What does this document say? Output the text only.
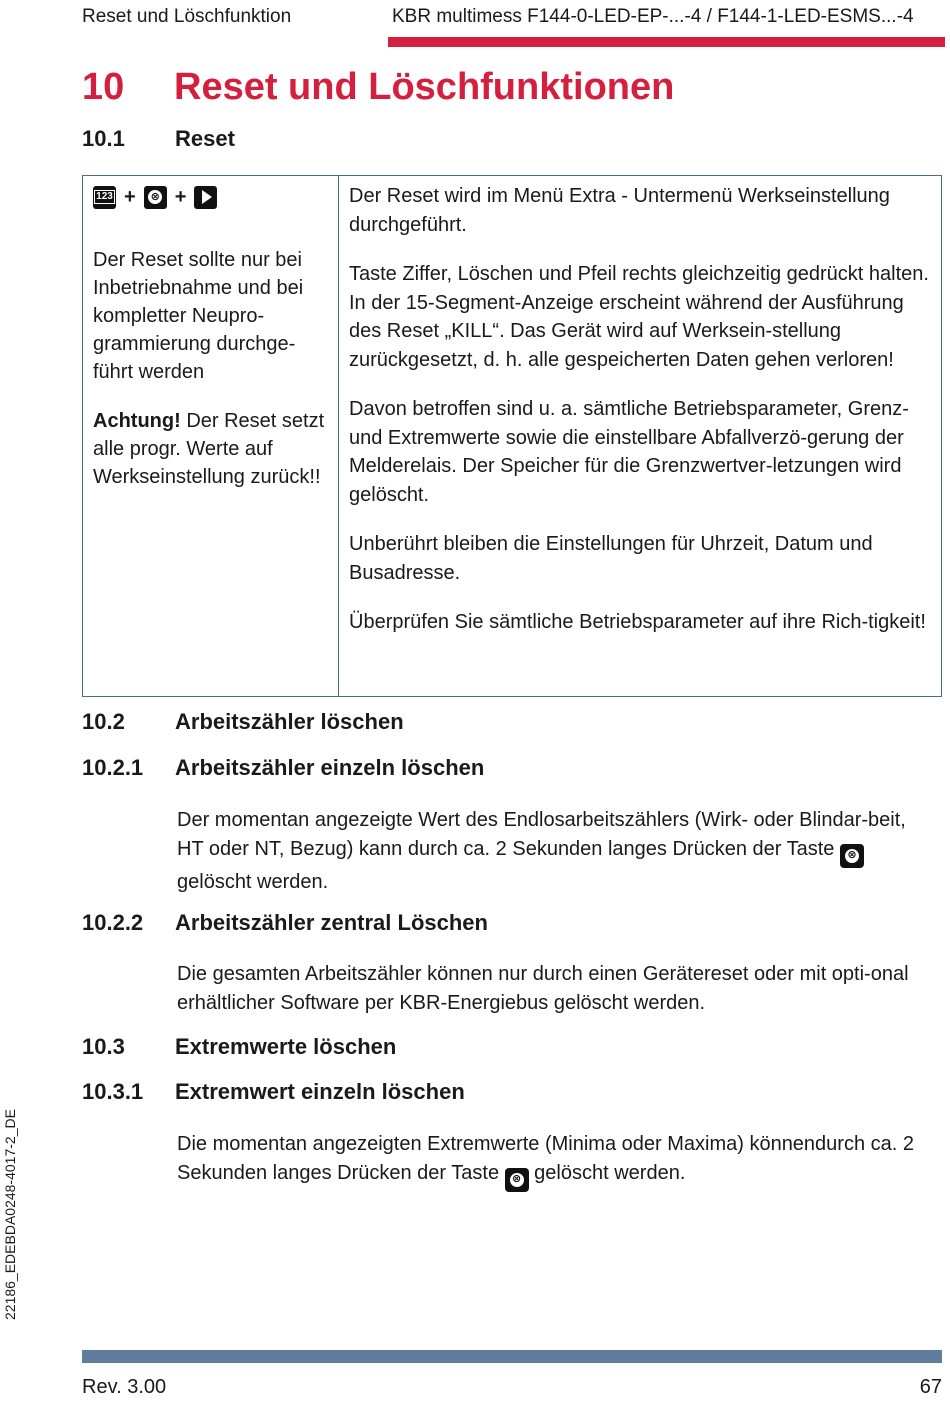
Reset und Löschfunktion	KBR multimess F144-0-LED-EP-...-4 / F144-1-LED-ESMS...-4
10 Reset und Löschfunktionen
10.1 Reset
123 + ⊗ +

Der Reset sollte nur bei Inbetriebnahme und bei kompletter Neupro-grammierung durchge-führt werden

Achtung! Der Reset setzt alle progr. Werte auf Werkseinstellung zurück!!

Der Reset wird im Menü Extra - Untermenü Werkseinstellung durchgeführt.

Taste Ziffer, Löschen und Pfeil rechts gleichzeitig gedrückt halten. In der 15-Segment-Anzeige erscheint während der Ausführung des Reset „KILL“. Das Gerät wird auf Werksein-stellung zurückgesetzt, d. h. alle gespeicherten Daten gehen verloren!

Davon betroffen sind u. a. sämtliche Betriebsparameter, Grenz- und Extremwerte sowie die einstellbare Abfallverzö-gerung der Melderelais. Der Speicher für die Grenzwertver-letzungen wird gelöscht.

Unberührt bleiben die Einstellungen für Uhrzeit, Datum und Busadresse.

Überprüfen Sie sämtliche Betriebsparameter auf ihre Rich-tigkeit!

10.2 Arbeitszähler löschen
10.2.1 Arbeitszähler einzeln löschen
Der momentan angezeigte Wert des Endlosarbeitszählers (Wirk- oder Blindar-beit, HT oder NT, Bezug) kann durch ca. 2 Sekunden langes Drücken der Taste ⊗
gelöscht werden.
10.2.2 Arbeitszähler zentral Löschen
Die gesamten Arbeitszähler können nur durch einen Gerätereset oder mit opti-onal erhältlicher Software per KBR-Energiebus gelöscht werden.
10.3 Extremwerte löschen
10.3.1 Extremwert einzeln löschen
Die momentan angezeigten Extremwerte (Minima oder Maxima) könnendurch ca. 2 Sekunden langes Drücken der Taste ⊗ gelöscht werden.
22186_EDEBDA0248-4017-2_DE
Rev. 3.00	67
